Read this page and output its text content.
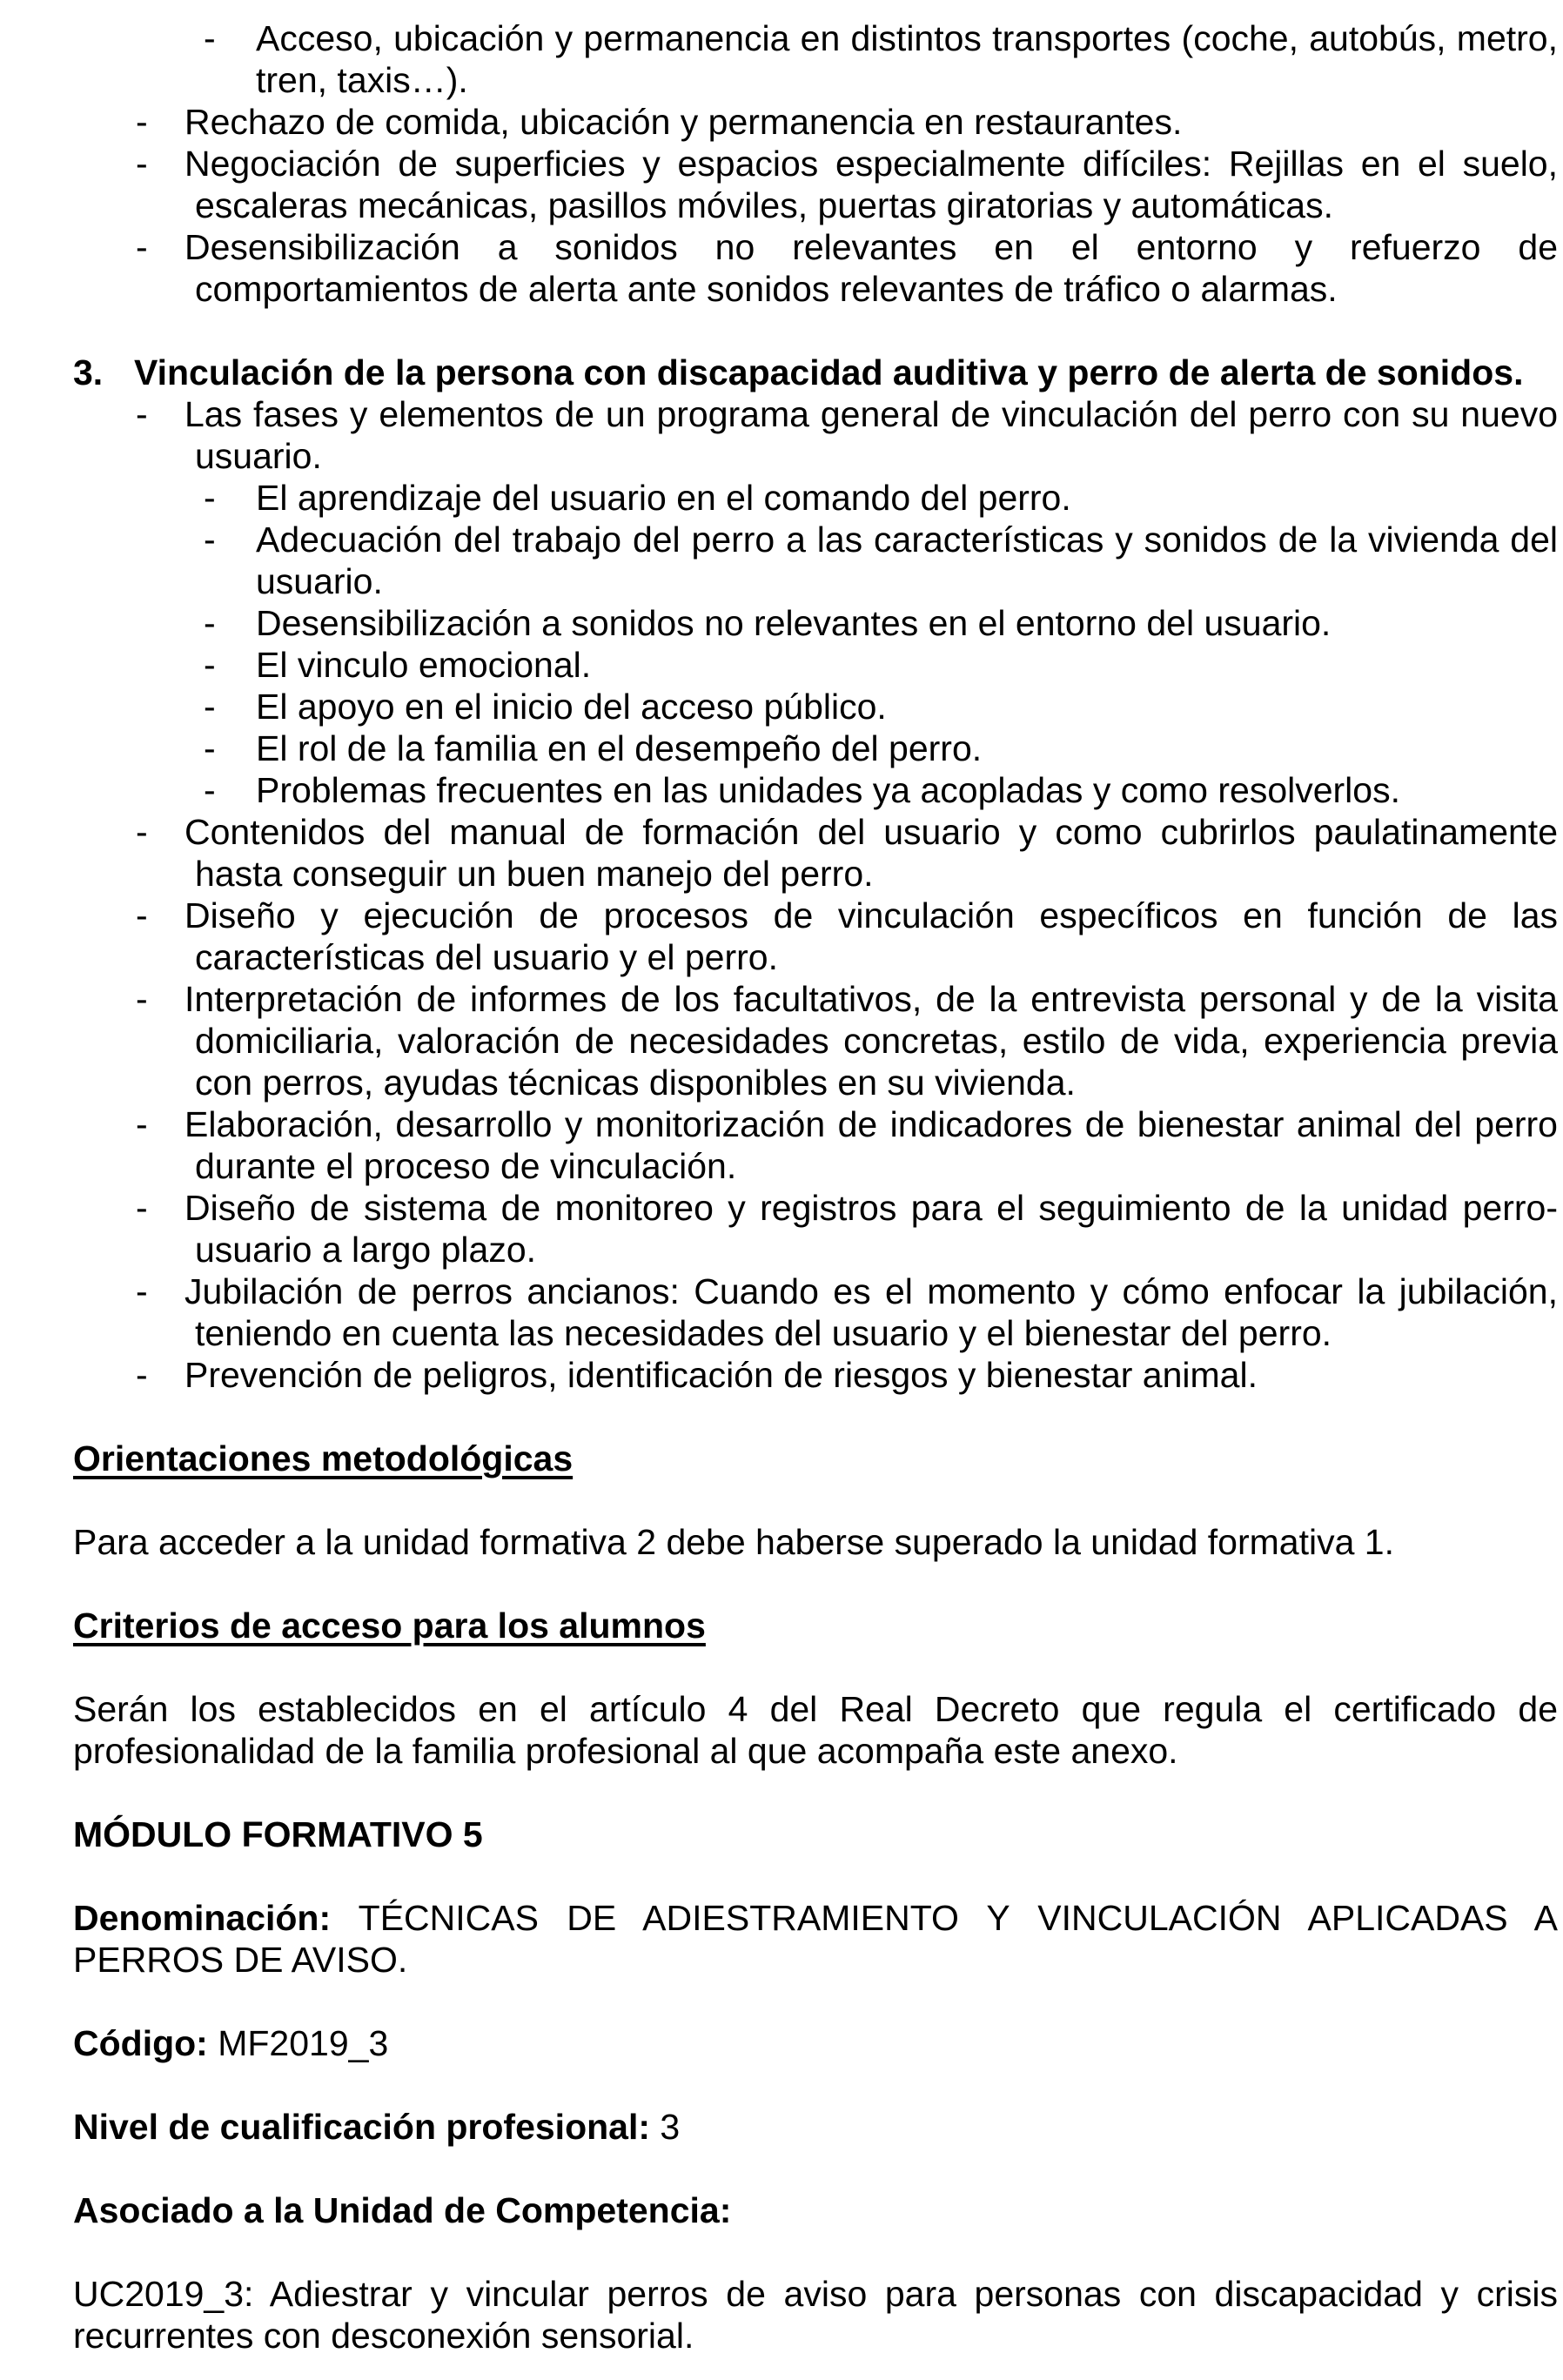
- Acceso, ubicación y permanencia en distintos transportes (coche, autobús, metro, tren, taxis…).
- Rechazo de comida, ubicación y permanencia en restaurantes.
- Negociación de superficies y espacios especialmente difíciles: Rejillas en el suelo, escaleras mecánicas, pasillos móviles, puertas giratorias y automáticas.
- Desensibilización a sonidos no relevantes en el entorno y refuerzo de comportamientos de alerta ante sonidos relevantes de tráfico o alarmas.
3. Vinculación de la persona con discapacidad auditiva y perro de alerta de sonidos.
- Las fases y elementos de un programa general de vinculación del perro con su nuevo usuario.
- El aprendizaje del usuario en el comando del perro.
- Adecuación del trabajo del perro a las características y sonidos de la vivienda del usuario.
- Desensibilización a sonidos no relevantes en el entorno del usuario.
- El vinculo emocional.
- El apoyo en el inicio del acceso público.
- El rol de la familia en el desempeño del perro.
- Problemas frecuentes en las unidades ya acopladas y como resolverlos.
- Contenidos del manual de formación del usuario y como cubrirlos paulatinamente hasta conseguir un buen manejo del perro.
- Diseño y ejecución de procesos de vinculación específicos en función de las características del usuario y el perro.
- Interpretación de informes de los facultativos, de la entrevista personal y de la visita domiciliaria, valoración de necesidades concretas, estilo de vida, experiencia previa con perros, ayudas técnicas disponibles en su vivienda.
- Elaboración, desarrollo y monitorización de indicadores de bienestar animal del perro durante el proceso de vinculación.
- Diseño de sistema de monitoreo y registros para el seguimiento de la unidad perro-usuario a largo plazo.
- Jubilación de perros ancianos: Cuando es el momento y cómo enfocar la jubilación, teniendo en cuenta las necesidades del usuario y el bienestar del perro.
- Prevención de peligros, identificación de riesgos y bienestar animal.
Orientaciones metodológicas
Para acceder a la unidad formativa 2 debe haberse superado la unidad formativa 1.
Criterios de acceso para los alumnos
Serán los establecidos en el artículo 4 del Real Decreto que regula el certificado de profesionalidad de la familia profesional al que acompaña este anexo.
MÓDULO FORMATIVO 5
Denominación: TÉCNICAS DE ADIESTRAMIENTO Y VINCULACIÓN APLICADAS A PERROS DE AVISO.
Código: MF2019_3
Nivel de cualificación profesional: 3
Asociado a la Unidad de Competencia:
UC2019_3: Adiestrar y vincular perros de aviso para personas con discapacidad y crisis recurrentes con desconexión sensorial.
